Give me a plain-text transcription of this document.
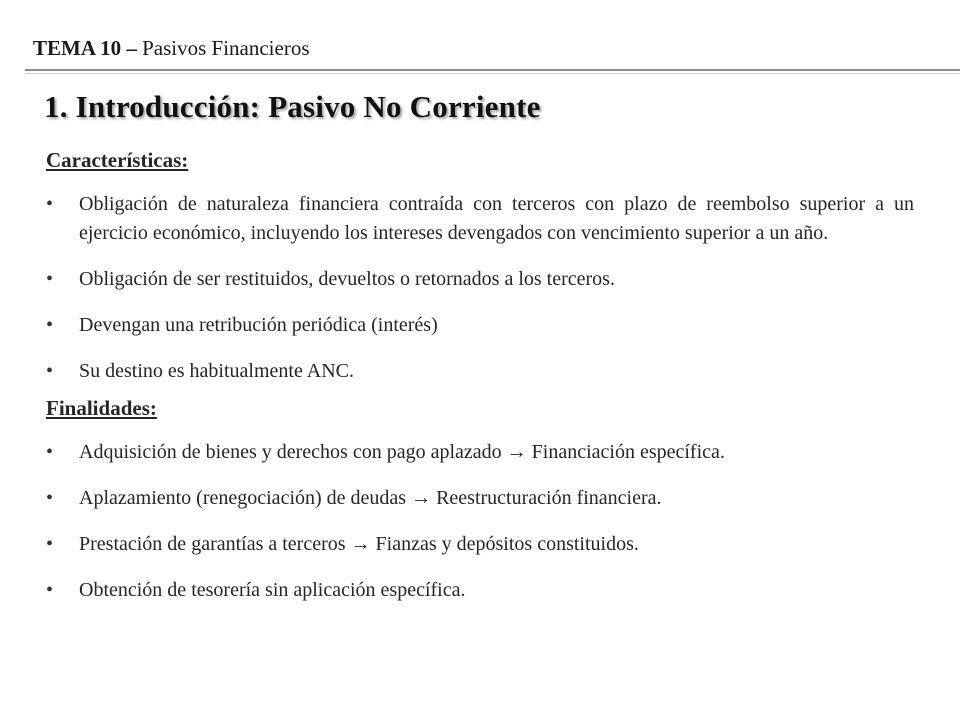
TEMA 10 – Pasivos Financieros
1. Introducción: Pasivo No Corriente

Características:

•	Obligación de naturaleza financiera contraída con terceros con plazo de reembolso superior a un ejercicio económico, incluyendo los intereses devengados con vencimiento superior a un año.
•	Obligación de ser restituidos, devueltos o retornados a los terceros.
•	Devengan una retribución periódica (interés)
•	Su destino es habitualmente ANC.

Finalidades:

•	Adquisición de bienes y derechos con pago aplazado → Financiación específica.
•	Aplazamiento (renegociación) de deudas → Reestructuración financiera.
•	Prestación de garantías a terceros → Fianzas y depósitos constituidos.
•	Obtención de tesorería sin aplicación específica.
